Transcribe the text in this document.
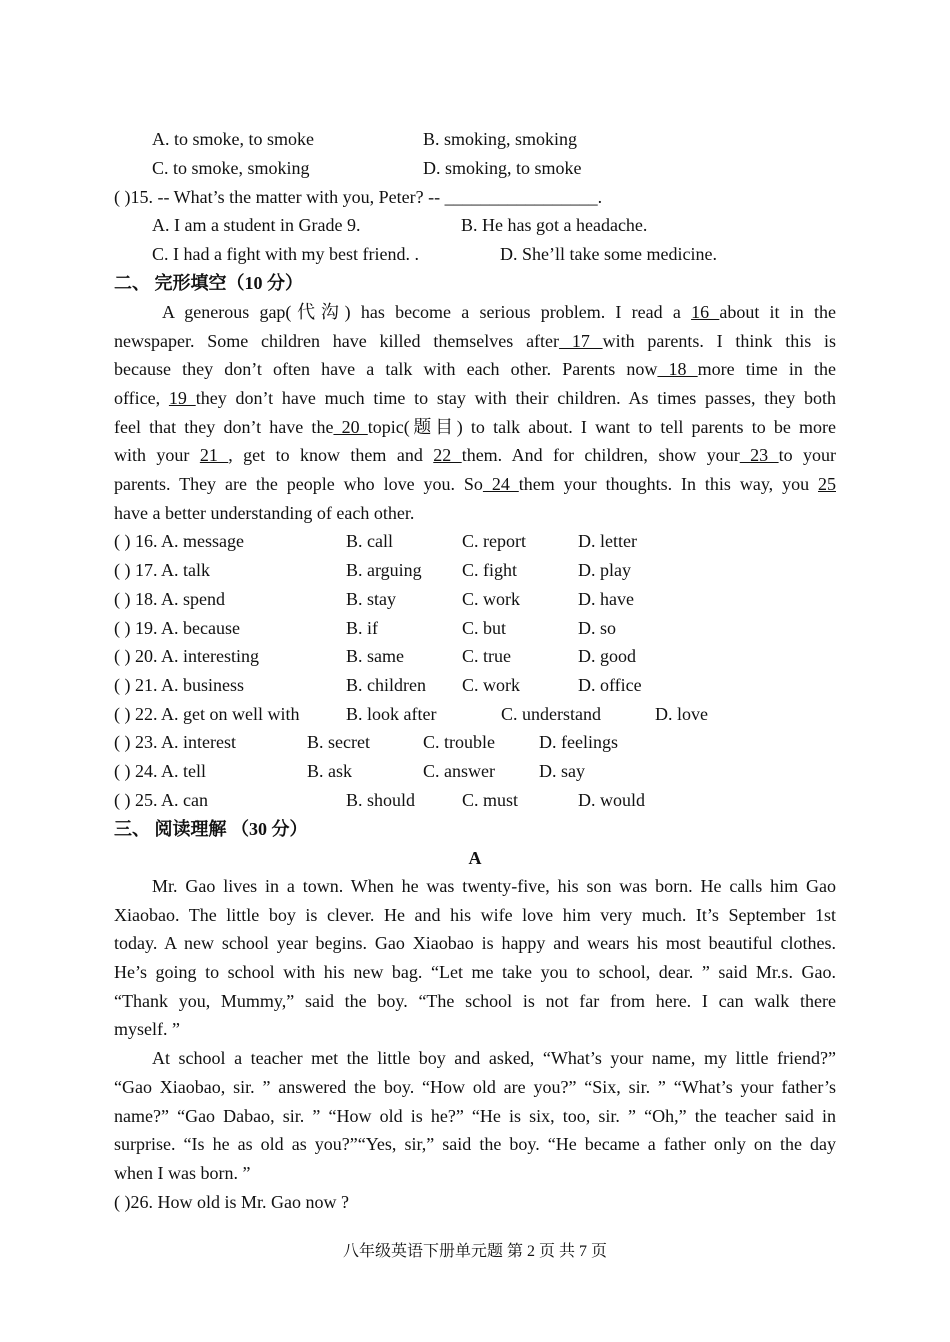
A. to smoke, to smoke	B. smoking, smoking
C. to smoke, smoking	D. smoking, to smoke
( )15. -- What’s the matter with you, Peter? -- _________________.
A. I am a student in Grade 9.	B. He has got a headache.
C. I had a fight with my best friend. .	D. She’ll take some medicine.
二、 完形填空（10 分）
A generous gap(代沟) has become a serious problem. I read a 16 about it in the
newspaper. Some children have killed themselves after 17 with parents. I think this is
because they don’t often have a talk with each other. Parents now 18 more time in the
office, 19 they don’t have much time to stay with their children. As times passes, they both
feel that they don’t have the 20 topic(题目) to talk about. I want to tell parents to be more
with your 21 , get to know them and 22 them. And for children, show your 23 to your
parents. They are the people who love you. So 24 them your thoughts. In this way, you 25
have a better understanding of each other.
( ) 16. A. message	B. call	C. report	D. letter
( ) 17. A. talk	B. arguing C. fight	D. play
( ) 18. A. spend	B. stay	C. work	D. have
( ) 19. A. because	B. if	C. but	D. so
( ) 20. A. interesting	B. same	C. true	D. good
( ) 21. A. business	B. children C. work	D. office
( ) 22. A. get on well with	B. look after	C. understand	D. love
( ) 23. A. interest	B. secret	C. trouble D. feelings
( ) 24. A. tell	B. ask	C. answer D. say
( ) 25. A. can	B. should	C. must	D. would
三、 阅读理解 （30 分）
A
Mr. Gao lives in a town. When he was twenty-five, his son was born. He calls him Gao
Xiaobao. The little boy is clever. He and his wife love him very much. It’s September 1st
today. A new school year begins. Gao Xiaobao is happy and wears his most beautiful clothes.
He’s going to school with his new bag. “Let me take you to school, dear. ” said Mr.s. Gao.
“Thank you, Mummy,” said the boy. “The school is not far from here. I can walk there
myself. ”
At school a teacher met the little boy and asked, “What’s your name, my little friend?”
“Gao Xiaobao, sir. ” answered the boy. “How old are you?” “Six, sir. ” “What’s your father’s
name?” “Gao Dabao, sir. ” “How old is he?” “He is six, too, sir. ” “Oh,” the teacher said in
surprise. “Is he as old as you?”“Yes, sir,” said the boy. “He became a father only on the day
when I was born. ”
( )26. How old is Mr. Gao now ?
八年级英语下册单元题 第 2 页 共 7 页
